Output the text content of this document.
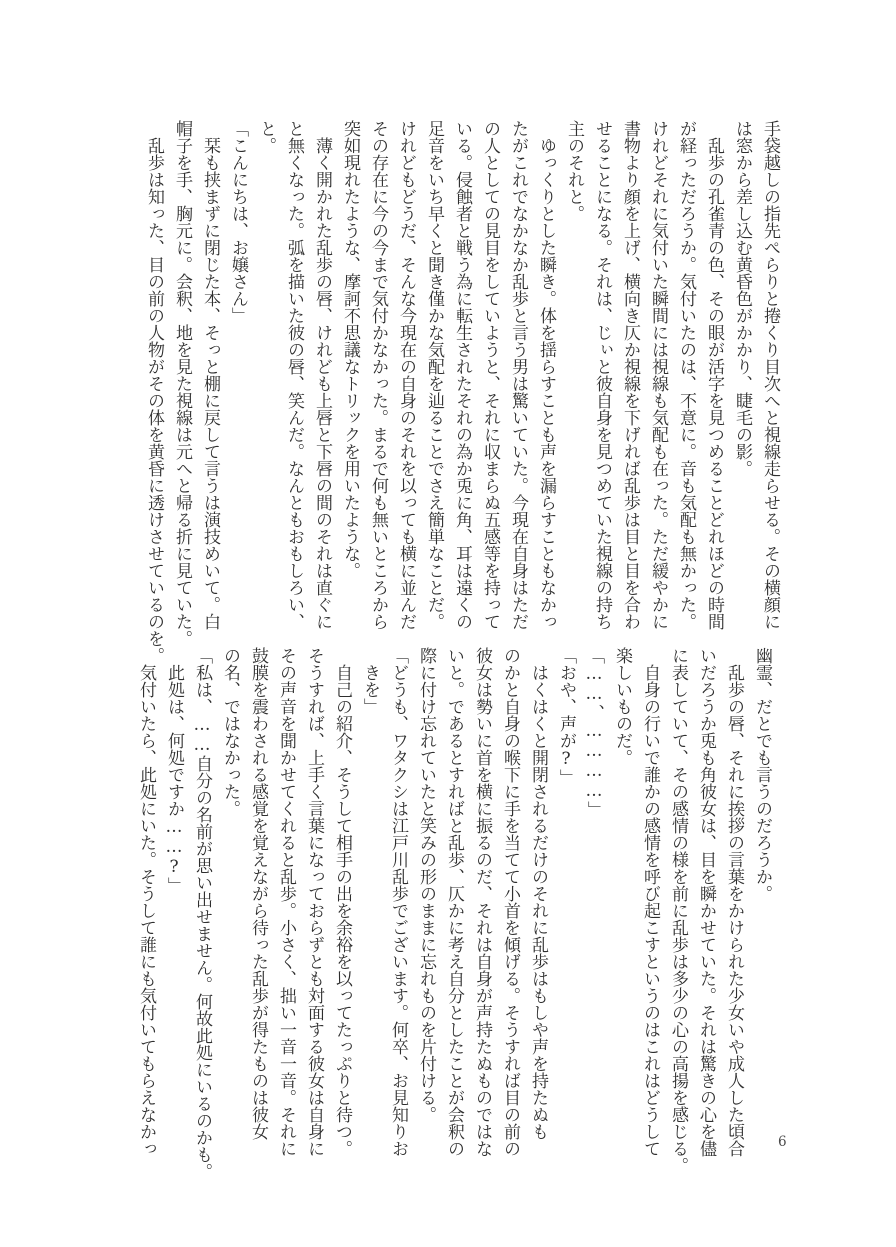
手袋越しの指先ぺらりと捲くり目次へと視線走らせる。その横顔に
は窓から差し込む黄昏色がかかり、睫毛の影。
乱歩の孔雀青の色、その眼が活字を見つめることどれほどの時間
が経っただろうか。気付いたのは、不意に。音も気配も無かった。
けれどそれに気付いた瞬間には視線も気配も在った。ただ緩やかに
書物より顔を上げ、横向き仄か視線を下げれば乱歩は目と目を合わ
せることになる。それは、じぃと彼自身を見つめていた視線の持ち
主のそれと。
ゆっくりとした瞬き。体を揺らすことも声を漏らすこともなかっ
たがこれでなかなか乱歩と言う男は驚いていた。今現在自身はただ
の人としての見目をしていようと、それに収まらぬ五感等を持って
いる。侵蝕者と戦う為に転生されたそれの為か兎に角、耳は遠くの
足音をいち早くと聞き僅かな気配を辿ることでさえ簡単なことだ。
けれどもどうだ、そんな今現在の自身のそれを以っても横に並んだ
その存在に今の今まで気付かなかった。まるで何も無いところから
突如現れたような、摩訶不思議なトリックを用いたような。
薄く開かれた乱歩の唇、けれども上唇と下唇の間のそれは直ぐに
と無くなった。弧を描いた彼の唇、笑んだ。なんともおもしろい、
と。
「こんにちは、お嬢さん」
栞も挟まずに閉じた本、そっと棚に戻して言うは演技めいて。白
帽子を手、胸元に。会釈、地を見た視線は元へと帰る折に見ていた。
乱歩は知った、目の前の人物がその体を黄昏に透けさせているのを。
幽霊、だとでも言うのだろうか。
乱歩の唇、それに挨拶の言葉をかけられた少女いや成人した頃合
いだろうか兎も角彼女は、目を瞬かせていた。それは驚きの心を儘
に表していて、その感情の様を前に乱歩は多少の心の高揚を感じる。
自身の行いで誰かの感情を呼び起こすというのはこれはどうして
楽しいものだ。
「……、…………」
「おや、声が?」
はくはくと開閉されるだけのそれに乱歩はもしや声を持たぬも
のかと自身の喉下に手を当てて小首を傾げる。そうすれば目の前の
彼女は勢いに首を横に振るのだ、それは自身が声持たぬものではな
いと。であるとすればと乱歩、仄かに考え自分としたことが会釈の
際に付け忘れていたと笑みの形のままに忘れものを片付ける。
「どうも、ワタクシは江戸川乱歩でございます。何卒、お見知りお
きを」
自己の紹介、そうして相手の出を余裕を以ってたっぷりと待つ。
そうすれば、上手く言葉になっておらずとも対面する彼女は自身に
その声音を聞かせてくれると乱歩。小さく、拙い一音一音。それに
鼓膜を震わされる感覚を覚えながら待った乱歩が得たものは彼女
の名、ではなかった。
「私は、……自分の名前が思い出せません。何故此処にいるのかも。
此処は、何処ですか……?」
気付いたら、此処にいた。そうして誰にも気付いてもらえなかっ	6
